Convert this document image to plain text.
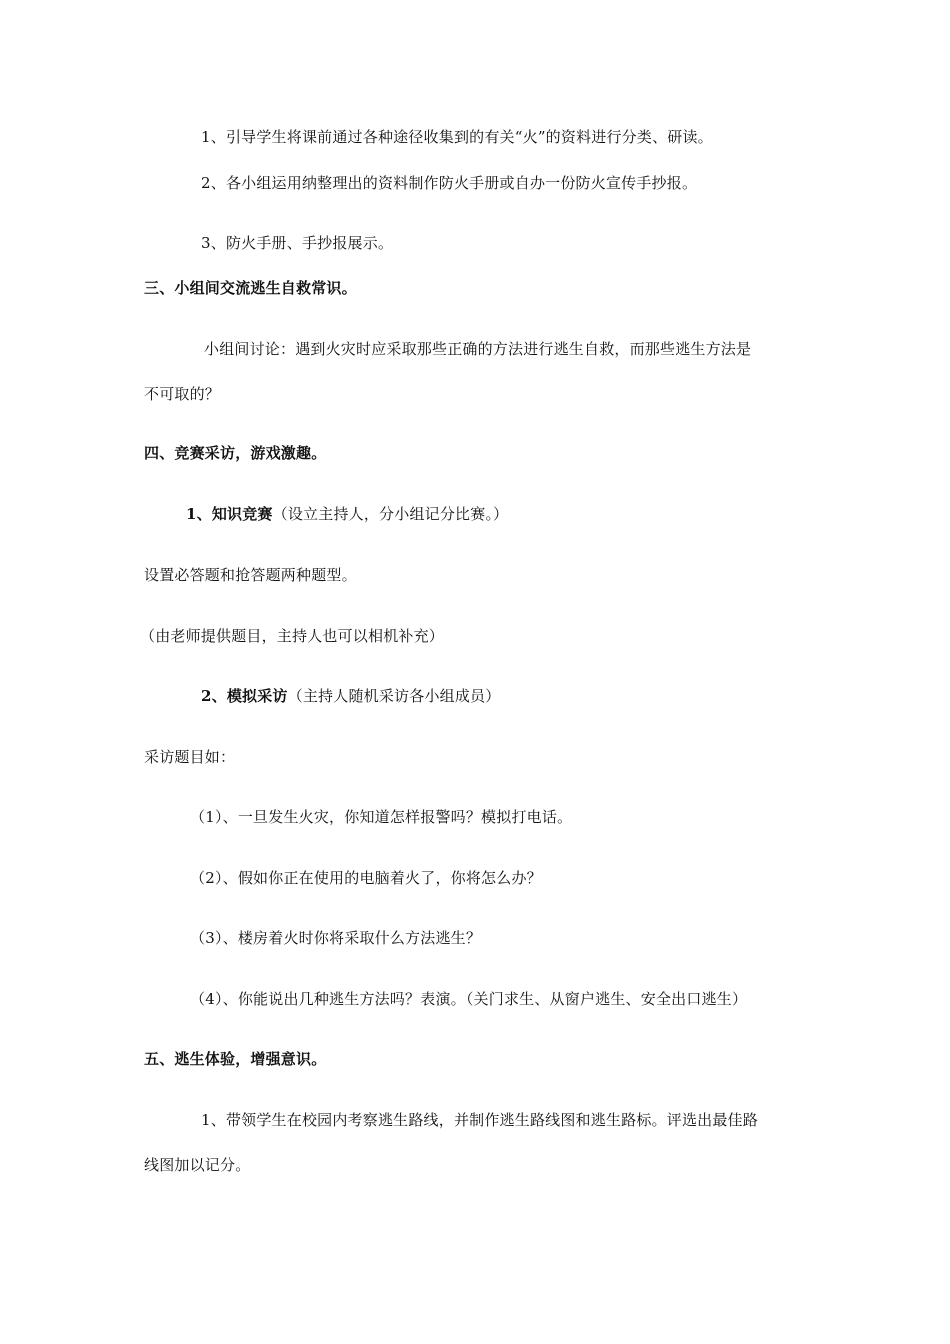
1、引导学生将课前通过各种途径收集到的有关“火”的资料进行分类、研读。
2、各小组运用纳整理出的资料制作防火手册或自办一份防火宣传手抄报。
3、防火手册、手抄报展示。
三、小组间交流逃生自救常识。
小组间讨论：遇到火灾时应采取那些正确的方法进行逃生自救，而那些逃生方法是
不可取的？
四、竞赛采访，游戏激趣。
1、知识竞赛（设立主持人，分小组记分比赛。）
设置必答题和抢答题两种题型。
（由老师提供题目，主持人也可以相机补充）
2、模拟采访（主持人随机采访各小组成员）
采访题目如：
（1）、一旦发生火灾，你知道怎样报警吗？模拟打电话。
（2）、假如你正在使用的电脑着火了，你将怎么办？
（3）、楼房着火时你将采取什么方法逃生？
（4）、你能说出几种逃生方法吗？表演。（关门求生、从窗户逃生、安全出口逃生）
五、逃生体验，增强意识。
1、带领学生在校园内考察逃生路线，并制作逃生路线图和逃生路标。评选出最佳路
线图加以记分。
